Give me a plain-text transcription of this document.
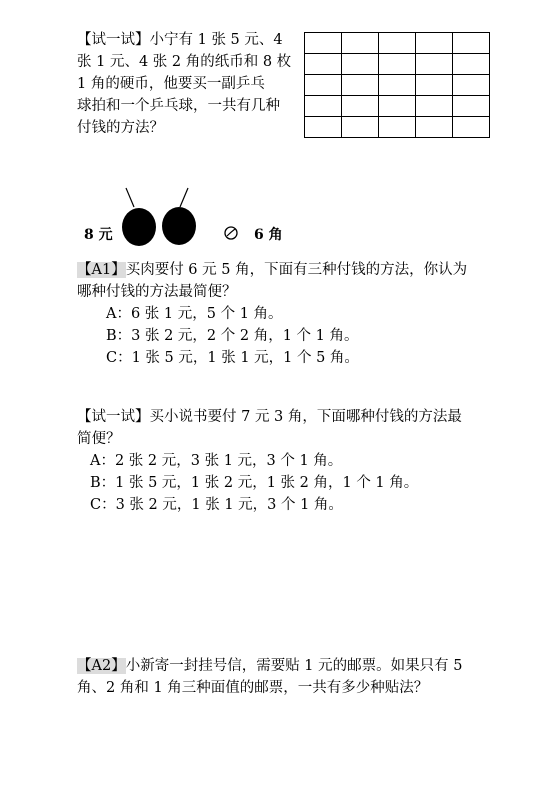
【试一试】小宁有 1 张 5 元、4
张 1 元、4 张 2 角的纸币和 8 枚
1 角的硬币，他要买一副乒乓
球拍和一个乒乓球，一共有几种
付钱的方法？

8 元	6 角
【A1】买肉要付 6 元 5 角，下面有三种付钱的方法，你认为
哪种付钱的方法最简便？
A：6 张 1 元，5 个 1 角。
B：3 张 2 元，2 个 2 角，1 个 1 角。
C：1 张 5 元，1 张 1 元，1 个 5 角。
【试一试】买小说书要付 7 元 3 角，下面哪种付钱的方法最
简便？
A：2 张 2 元，3 张 1 元，3 个 1 角。
B：1 张 5 元，1 张 2 元，1 张 2 角，1 个 1 角。
C：3 张 2 元，1 张 1 元，3 个 1 角。
【A2】小新寄一封挂号信，需要贴 1 元的邮票。如果只有 5
角、2 角和 1 角三种面值的邮票，一共有多少种贴法？
